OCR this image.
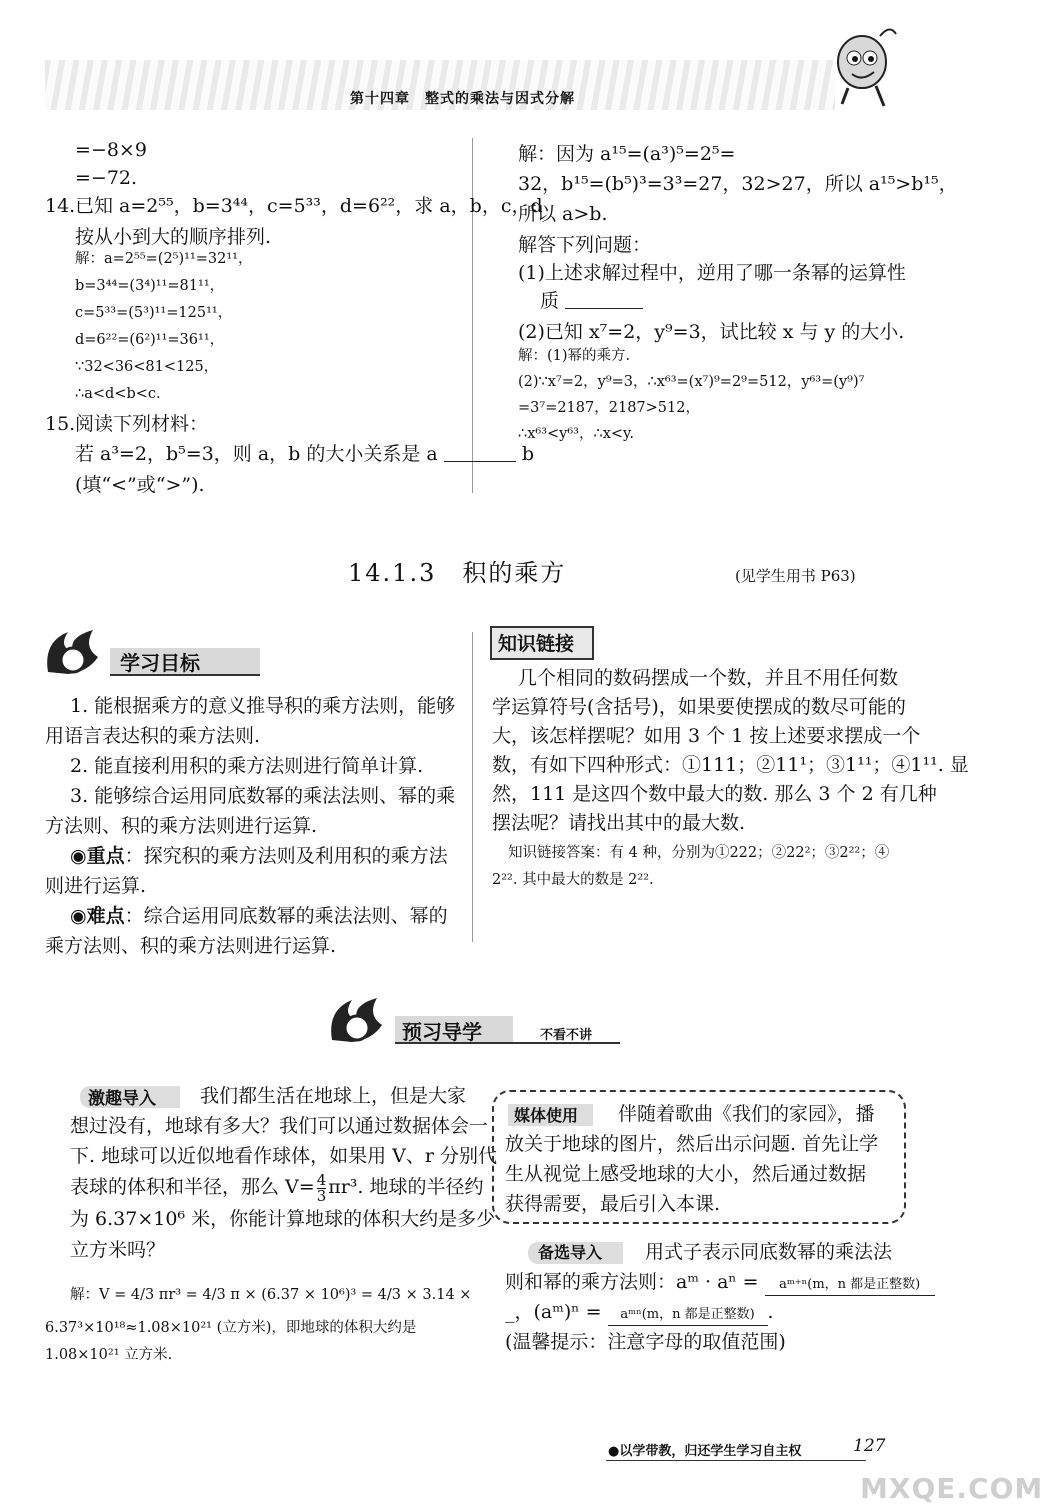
第十四章　整式的乘法与因式分解
=−8×9
=−72.
14. 已知 a=2⁵⁵，b=3⁴⁴，c=5³³，d=6²²，求 a，b，c，d
按从小到大的顺序排列.
解：a=2⁵⁵=(2⁵)¹¹=32¹¹，
b=3⁴⁴=(3⁴)¹¹=81¹¹，
c=5³³=(5³)¹¹=125¹¹，
d=6²²=(6²)¹¹=36¹¹，
∵32<36<81<125，
∴a<d<b<c.
15. 阅读下列材料：
若 a³=2，b⁵=3，则 a，b 的大小关系是 a	b
(填“<”或“>”).
解：因为 a¹⁵=(a³)⁵=2⁵=
32，b¹⁵=(b⁵)³=3³=27，32>27，所以 a¹⁵>b¹⁵，
所以 a>b.
解答下列问题：
(1)上述求解过程中，逆用了哪一条幂的运算性
质
(2)已知 x⁷=2，y⁹=3，试比较 x 与 y 的大小.
解：(1)幂的乘方.
(2)∵x⁷=2，y⁹=3，∴x⁶³=(x⁷)⁹=2⁹=512，y⁶³=(y⁹)⁷
=3⁷=2187，2187>512，
∴x⁶³<y⁶³，∴x<y.
14.1.3　积的乘方	(见学生用书 P63)
学习目标
1. 能根据乘方的意义推导积的乘方法则，能够
用语言表达积的乘方法则.
2. 能直接利用积的乘方法则进行简单计算.
3. 能够综合运用同底数幂的乘法法则、幂的乘
方法则、积的乘方法则进行运算.
◉重点：探究积的乘方法则及利用积的乘方法
则进行运算.
◉难点：综合运用同底数幂的乘法法则、幂的
乘方法则、积的乘方法则进行运算.
知识链接
几个相同的数码摆成一个数，并且不用任何数
学运算符号(含括号)，如果要使摆成的数尽可能的
大，该怎样摆呢？如用 3 个 1 按上述要求摆成一个
数，有如下四种形式：①111；②11¹；③1¹¹；④1¹¹. 显
然，111 是这四个数中最大的数. 那么 3 个 2 有几种
摆法呢？请找出其中的最大数.
知识链接答案：有 4 种，分别为①222；②22²；③2²²；④
2²². 其中最大的数是 2²².
预习导学	不看不讲
激趣导入 我们都生活在地球上，但是大家
想过没有，地球有多大？我们可以通过数据体会一
下. 地球可以近似地看作球体，如果用 V、r 分别代
表球的体积和半径，那么 $V= \frac{4}{3} \pi r^3$. 地球的半径约
为 6.37×10⁶ 米，你能计算地球的体积大约是多少
立方米吗？
解：V = 4/3 πr³ = 4/3 π × (6.37 × 10⁶)³ = 4/3 × 3.14 ×
6.37³×10¹⁸≈1.08×10²¹ (立方米)，即地球的体积大约是
1.08×10²¹ 立方米.
媒体使用 伴随着歌曲《我们的家园》，播
放关于地球的图片，然后出示问题. 首先让学
生从视觉上感受地球的大小，然后通过数据
获得需要，最后引入本课.
备选导入 用式子表示同底数幂的乘法法
则和幂的乘方法则：aᵐ · aⁿ = aᵐ⁺ⁿ(m，n 都是正整数)
_，(aᵐ)ⁿ = aᵐⁿ(m，n 都是正整数) .
(温馨提示：注意字母的取值范围)
●以学带教，归还学生学习自主权	127
MXQE.COM
